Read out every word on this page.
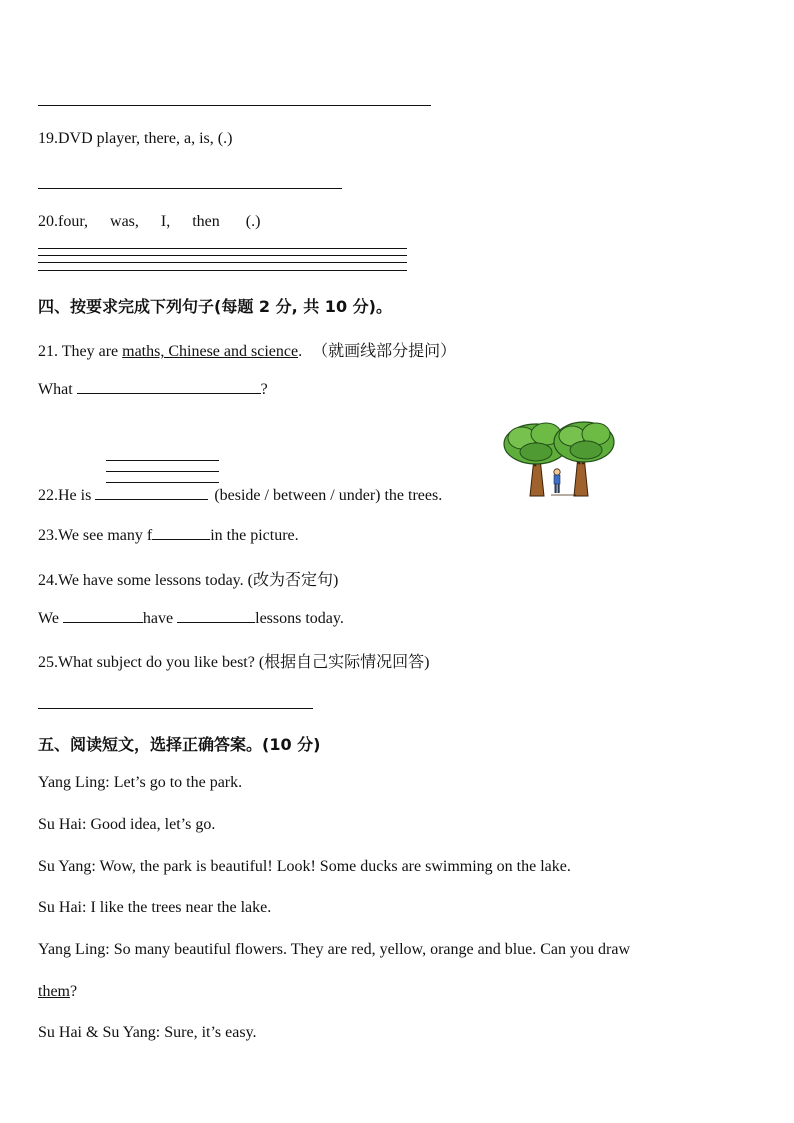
19.DVD player, there, a, is, (.)
20.four, was, I, then (.)
四、按要求完成下列句子(每题 2 分, 共 10 分)。
21. They are maths, Chinese and science. （就画线部分提问）
What	?
22.He is	(beside / between / under) the trees.
23.We see many f	in the picture.
24.We have some lessons today. (改为否定句)
We	have	lessons today.
25.What subject do you like best? (根据自己实际情况回答)
五、阅读短文，选择正确答案。(10 分)
Yang Ling: Let’s go to the park.
Su Hai: Good idea, let’s go.
Su Yang: Wow, the park is beautiful! Look! Some ducks are swimming on the lake.
Su Hai: I like the trees near the lake.
Yang Ling: So many beautiful flowers. They are red, yellow, orange and blue. Can you draw
them?
Su Hai & Su Yang: Sure, it’s easy.
